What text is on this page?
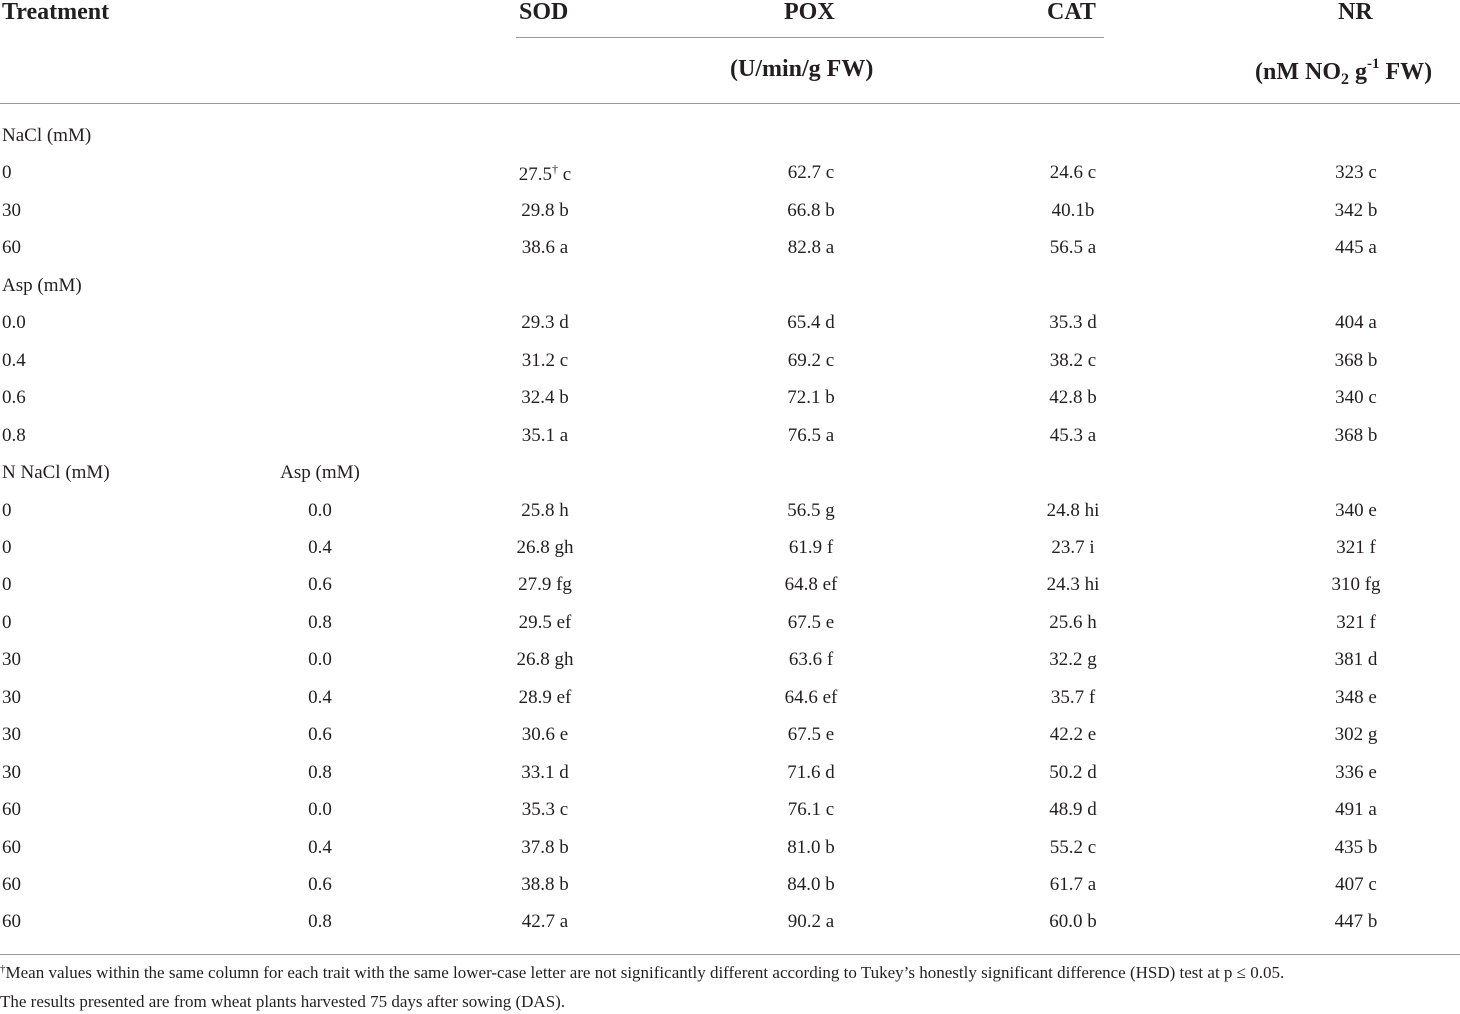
Treatment	SOD	POX	CAT	NR
(U/min/g FW)	(nM $NO_2$ $g^{-1}$ FW)
NaCl (mM)
0	27.5† c	62.7 c	24.6 c	323 c
30	29.8 b	66.8 b	40.1b	342 b
60	38.6 a	82.8 a	56.5 a	445 a
Asp (mM)
0.0	29.3 d	65.4 d	35.3 d	404 a
0.4	31.2 c	69.2 c	38.2 c	368 b
0.6	32.4 b	72.1 b	42.8 b	340 c
0.8	35.1 a	76.5 a	45.3 a	368 b
N NaCl (mM)	Asp (mM)
0	0.0	25.8 h	56.5 g	24.8 hi	340 e
0	0.4	26.8 gh	61.9 f	23.7 i	321 f
0	0.6	27.9 fg	64.8 ef	24.3 hi	310 fg
0	0.8	29.5 ef	67.5 e	25.6 h	321 f
30	0.0	26.8 gh	63.6 f	32.2 g	381 d
30	0.4	28.9 ef	64.6 ef	35.7 f	348 e
30	0.6	30.6 e	67.5 e	42.2 e	302 g
30	0.8	33.1 d	71.6 d	50.2 d	336 e
60	0.0	35.3 c	76.1 c	48.9 d	491 a
60	0.4	37.8 b	81.0 b	55.2 c	435 b
60	0.6	38.8 b	84.0 b	61.7 a	407 c
60	0.8	42.7 a	90.2 a	60.0 b	447 b
†Mean values within the same column for each trait with the same lower-case letter are not significantly different according to Tukey’s honestly significant difference (HSD) test at p ≤ 0.05.
The results presented are from wheat plants harvested 75 days after sowing (DAS).
